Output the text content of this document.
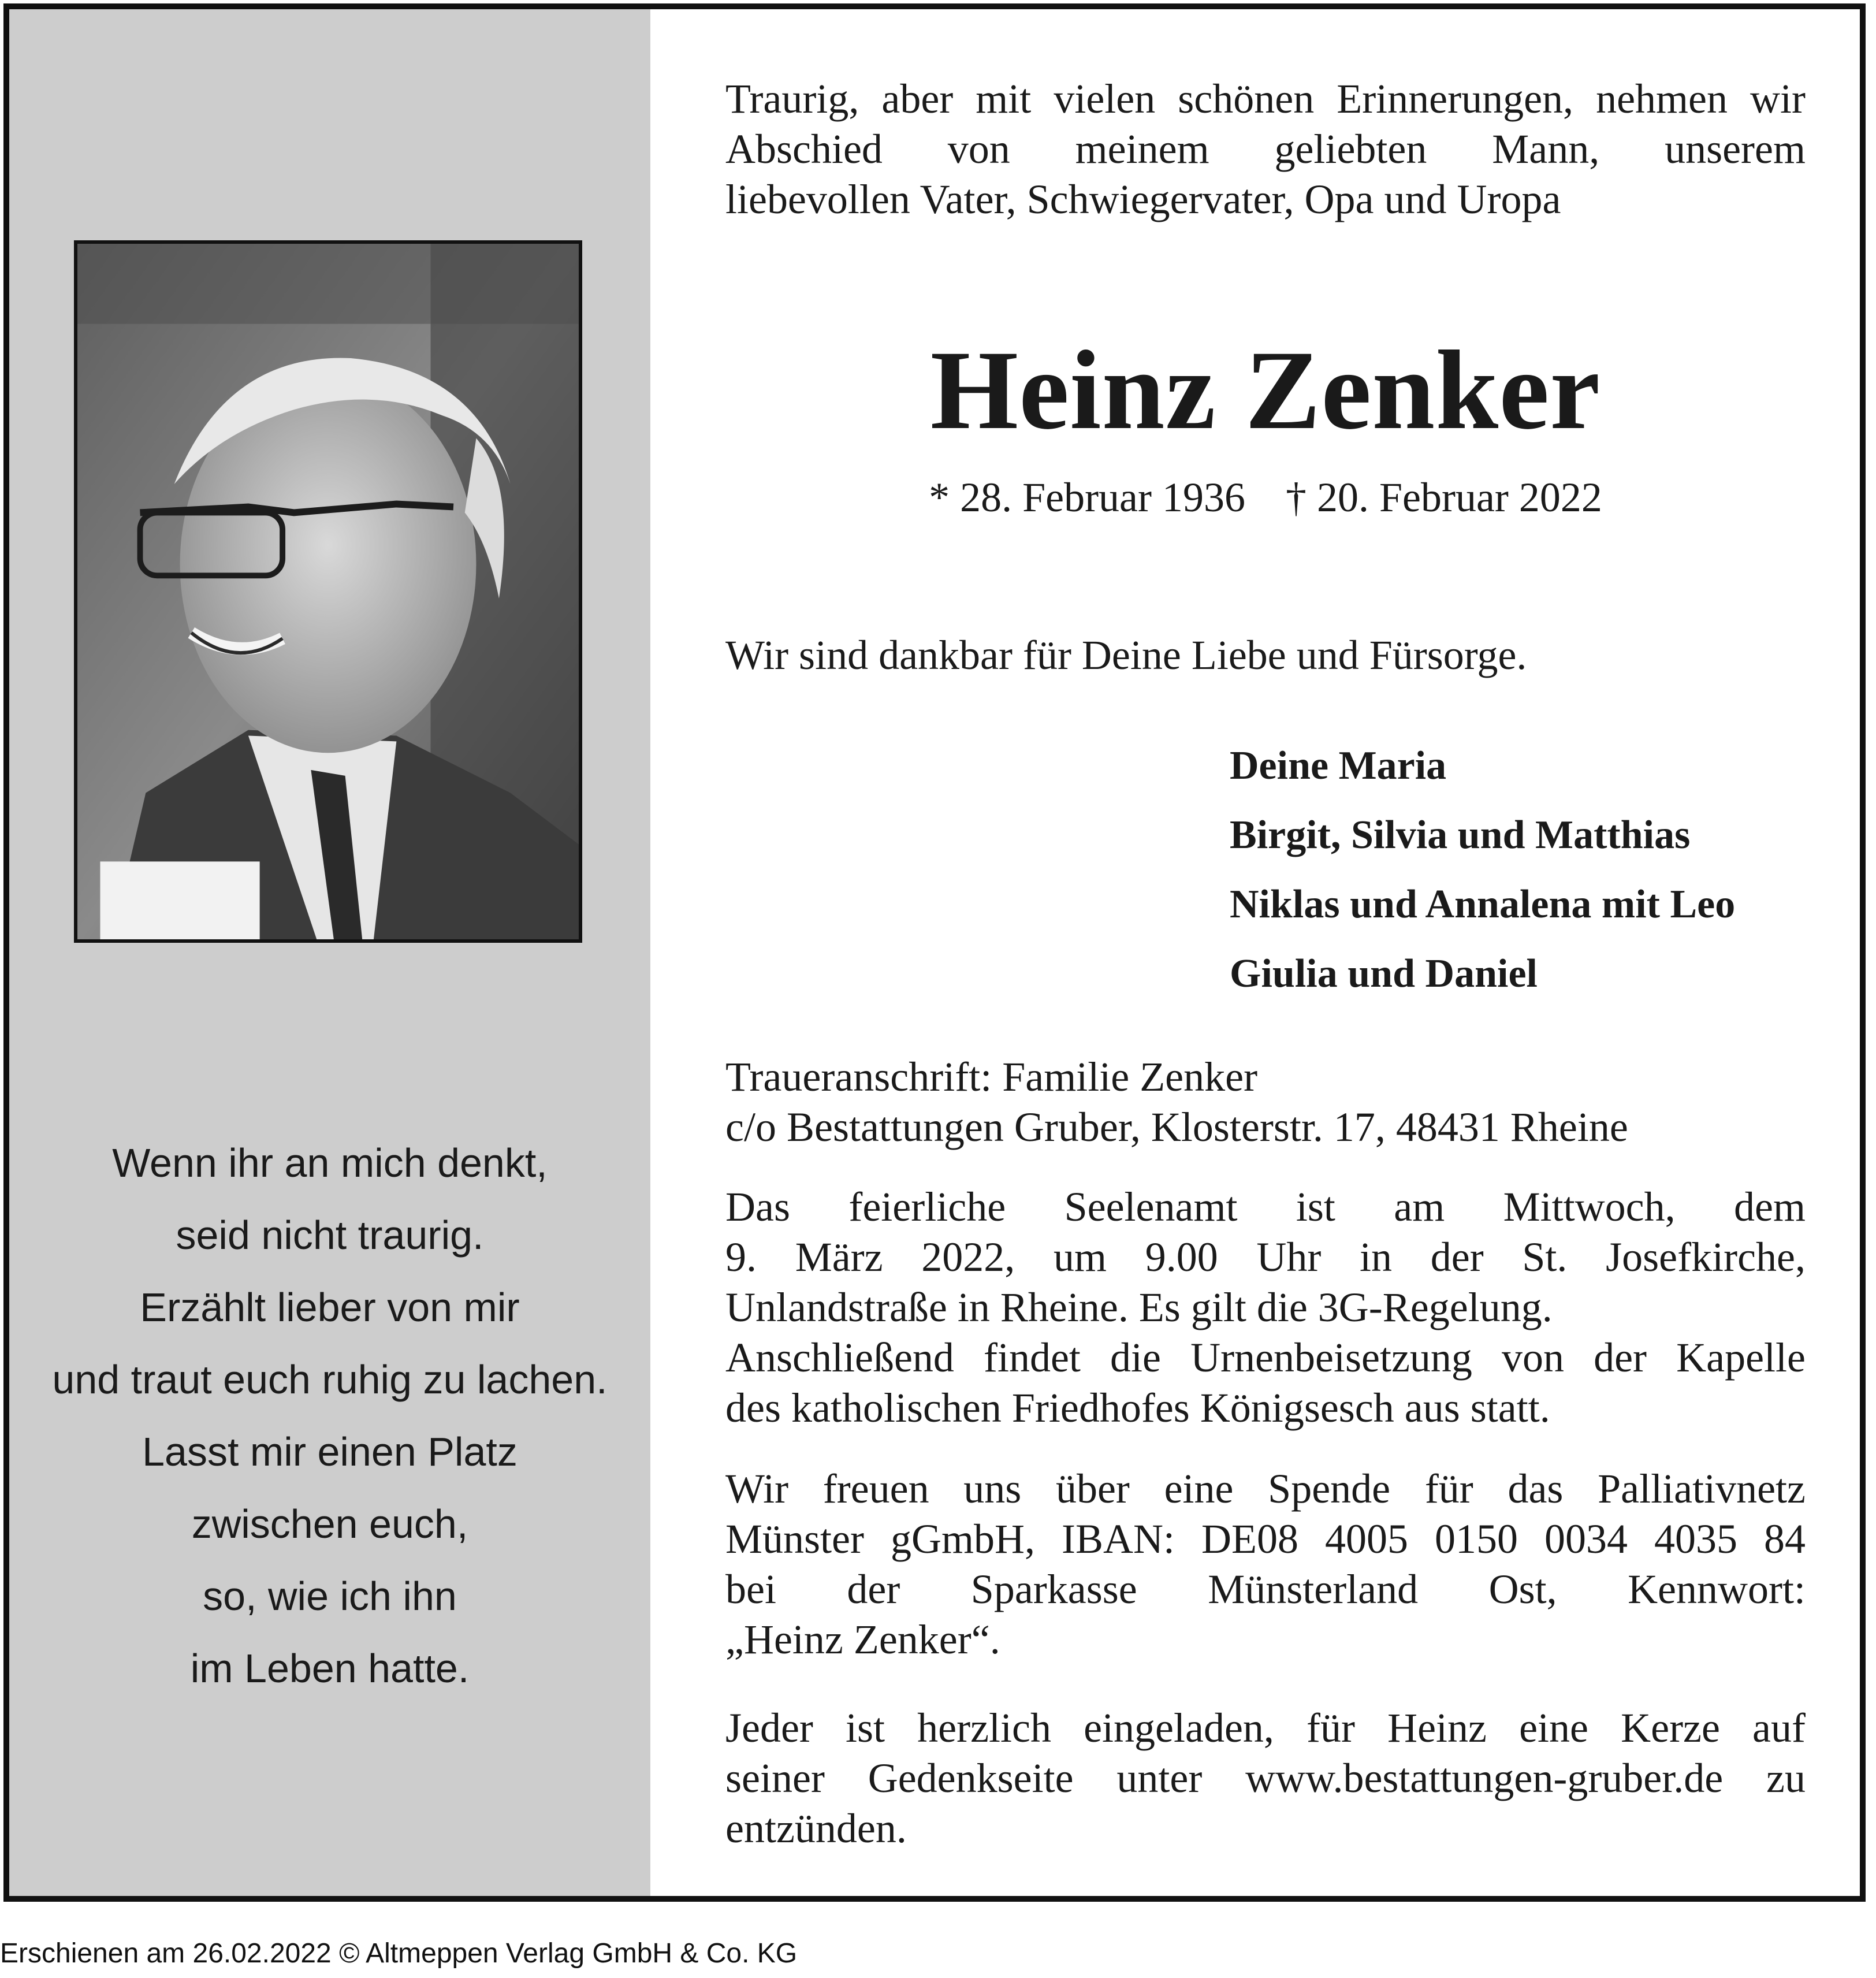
Wenn ihr an mich denkt,
seid nicht traurig.
Erzählt lieber von mir
und traut euch ruhig zu lachen.
Lasst mir einen Platz
zwischen euch,
so, wie ich ihn
im Leben hatte.
Traurig, aber mit vielen schönen Erinnerungen, nehmen wir
Abschied von meinem geliebten Mann, unserem
liebevollen Vater, Schwiegervater, Opa und Uropa
Heinz Zenker
* 28. Februar 1936 † 20. Februar 2022
Wir sind dankbar für Deine Liebe und Fürsorge.
Deine Maria
Birgit, Silvia und Matthias
Niklas und Annalena mit Leo
Giulia und Daniel
Traueranschrift: Familie Zenker
c/o Bestattungen Gruber, Klosterstr. 17, 48431 Rheine
Das feierliche Seelenamt ist am Mittwoch, dem
9. März 2022, um 9.00 Uhr in der St. Josefkirche,
Unlandstraße in Rheine. Es gilt die 3G-Regelung.
Anschließend findet die Urnenbeisetzung von der Kapelle
des katholischen Friedhofes Königsesch aus statt.
Wir freuen uns über eine Spende für das Palliativnetz
Münster gGmbH, IBAN: DE08 4005 0150 0034 4035 84
bei der Sparkasse Münsterland Ost, Kennwort:
„Heinz Zenker“.
Jeder ist herzlich eingeladen, für Heinz eine Kerze auf
seiner Gedenkseite unter www.bestattungen-gruber.de zu
entzünden.
Erschienen am 26.02.2022 © Altmeppen Verlag GmbH & Co. KG
